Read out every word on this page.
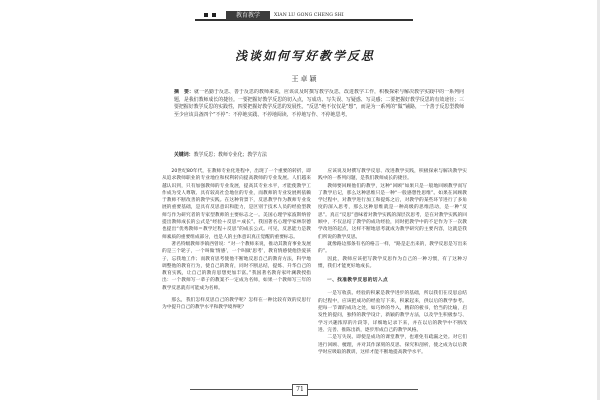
教育教学	XIAN LU GONG CHENG SHI
浅谈如何写好教学反思
王卓颖
摘　要：就一名勤于反思、善于反思的教师来说，应该议及时撰写教学反思，改进教学工作，积极探索与解决教学实践中的一系列问题，是我们教师成长的捷径。一要把握好教学反思的切入点，写成功、写失误、写疑惑、写灵感；二要把握好教学反思的有效途径；三要把握好教学反思的实践性，四要把握好教学反思的发展性。“反思”绝不仅仅是“想”，而是为一系列的“做”铺路，一个善于反思型教师至少应该具备四个“不停”：不停地实践、不停地阅读、不停地写作、不停地思考。
关键词：教学反思；教师专业化；教学方法

20世纪80年代，在教师专业化进程中，出现了一个重要的转折，即从追求教师职业的专业地位和权利转向提高教师的专业发展。人们越来越认识到，只有加强教师的专业发展，提高其专业水平，才能使教学工作成为受人尊敬、具有较高社会地位的专业，而教师的专业发展则依赖于教师不断改善的教学实践。在这种背景下，反思教学作为教师专业发展的重要基础，是具有反思意识和能力，是区别于技术人员的经验型教师与作为研究者的专家型教师的主要标志之一。美国心理学家波斯纳曾提出教师成长的公式是“经验＋反思＝成长”。我国著名心理学家林崇德也提出“优秀教师＝教学过程＋反思”的成长公式。可见，反思能力是教师素质的重要组成部分，也是人的主体意识真正觉醒的重要标志。

著名特级教师李镇西曾说：“对一个教师来说，推动其教育事业发展的是三个轮子，一个叫做‘情感’，一个叫做‘思考’，教育情感使他热爱孩子，忘我地工作；而教育思考使他不断地反思自己的教育方法，科学地调整他的教育行为，使自己的教育，同时不断总结，提炼、升华自己的教育实践，让自己的教育思想更加丰富。”我国著名教育家叶澜教授指出：一个教师写一辈子的教案不一定成为名师，如果一个教师写三年的教学反思就有可能成为名师。

那么，我们怎样反思自己的教学呢？怎样在一种比较有效的反思行为中提升自己的教学水平和教学境界呢？

应该说及时撰写教学反思、改进教学实践，积极探索与解决教学实践中的一系列问题，是我们教师成长的捷径。

教师要回顾他们的教学，这种“回顾”如果只是一般地回顾教学而写了教学后记，那么这种思维只是一种“一般感想性思维”。如果在回顾教学过程中，对教学进行加工和提炼之后，对教学的某些环节进行了多角度的深入思考，那么这种思维就是一种高级的思维活动，是一种“反思”。真正“反思”意味着对教学实践的深层次思考，是在对教学实践的回顾中，不仅总结了教学的成功经验，同时把教学中的不足作为下一次教学改进的起点，这样不断地思考就成为教学研究的主要内容，这就是我们所说的教学反思。

就像路边那条有名的格言一样，“路是走出来的，教学反思是写出来的”。

因此，教师应该把写教学反思作为自己的一种习惯，有了这种习惯，我们才能更好地成长。

一、找准教学反思的切入点

一是写收获。经验的积累是教学进步的基础，所以我们在反思总结的过程中，应该把成功的经验写下来，积累起来，供以后的教学参考。把每一节课的成功之处，如巧妙的导入，精彩的板书，恰当的比喻，启发性的提问，独特的教学设计，新颖的教学方法，以及学生积极参与、学习兴趣浓厚的片段等，详细地记录下来，并在以后的教学中不断改进、完善、推陈出新，逐步形成自己的教学风格。

二是写失误。即使是成功的课堂教学，也难免有疏漏之处。对它们进行回顾、梳理，并对其作深刻的反思、探究和剖析，使之成为以后教学时应吸取的教训，这样才能不断地提高教学水平。

71
